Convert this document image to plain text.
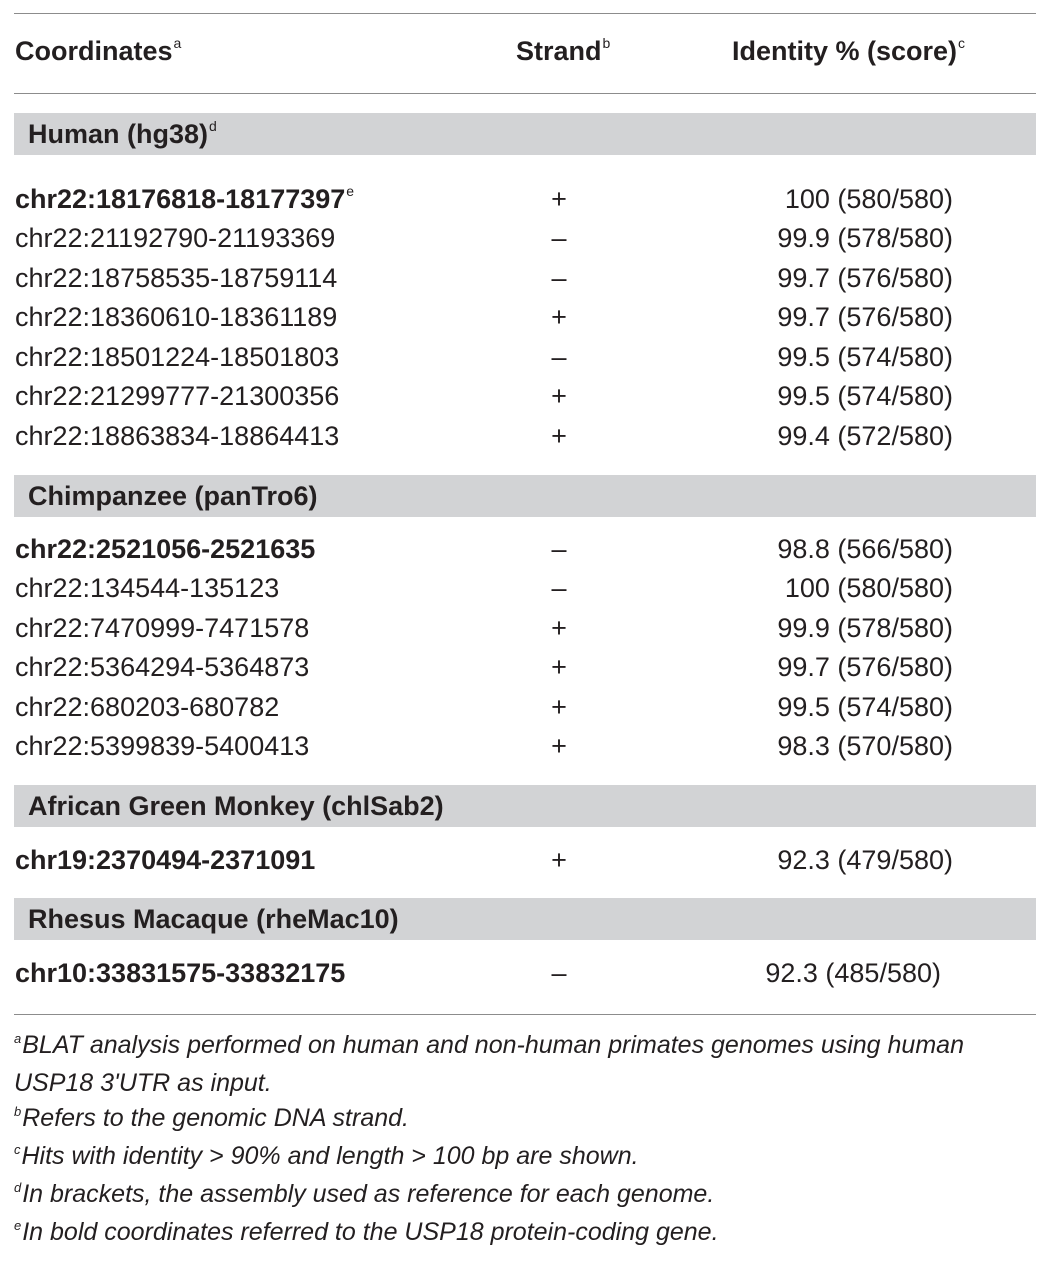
Coordinates$^a$	Strand$^b$	Identity % (score)$^c$
Human $(hg38)^d$
$chr22:18176818-18177397^e$	+	100 (580/580)
chr22:21192790-21193369	–	99.9 (578/580)
chr22:18758535-18759114	–	99.7 (576/580)
chr22:18360610-18361189	+	99.7 (576/580)
chr22:18501224-18501803	–	99.5 (574/580)
chr22:21299777-21300356	+	99.5 (574/580)
chr22:18863834-18864413	+	99.4 (572/580)
Chimpanzee (panTro6)
chr22:2521056-2521635	–	98.8 (566/580)
chr22:134544-135123	–	100 (580/580)
chr22:7470999-7471578	+	99.9 (578/580)
chr22:5364294-5364873	+	99.7 (576/580)
chr22:680203-680782	+	99.5 (574/580)
chr22:5399839-5400413	+	98.3 (570/580)
African Green Monkey (chlSab2)
chr19:2370494-2371091	+	92.3 (479/580)
Rhesus Macaque (rheMac10)
chr10:33831575-33832175	–	92.3 (485/580)

$^a$BLAT analysis performed on human and non-human primates genomes using human USP18 3'UTR as input.

$^b$Refers to the genomic DNA strand.

$^c$Hits with identity > 90% and length > 100 bp are shown.

$^d$In brackets, the assembly used as reference for each genome.

$^e$In bold coordinates referred to the USP18 protein-coding gene.
